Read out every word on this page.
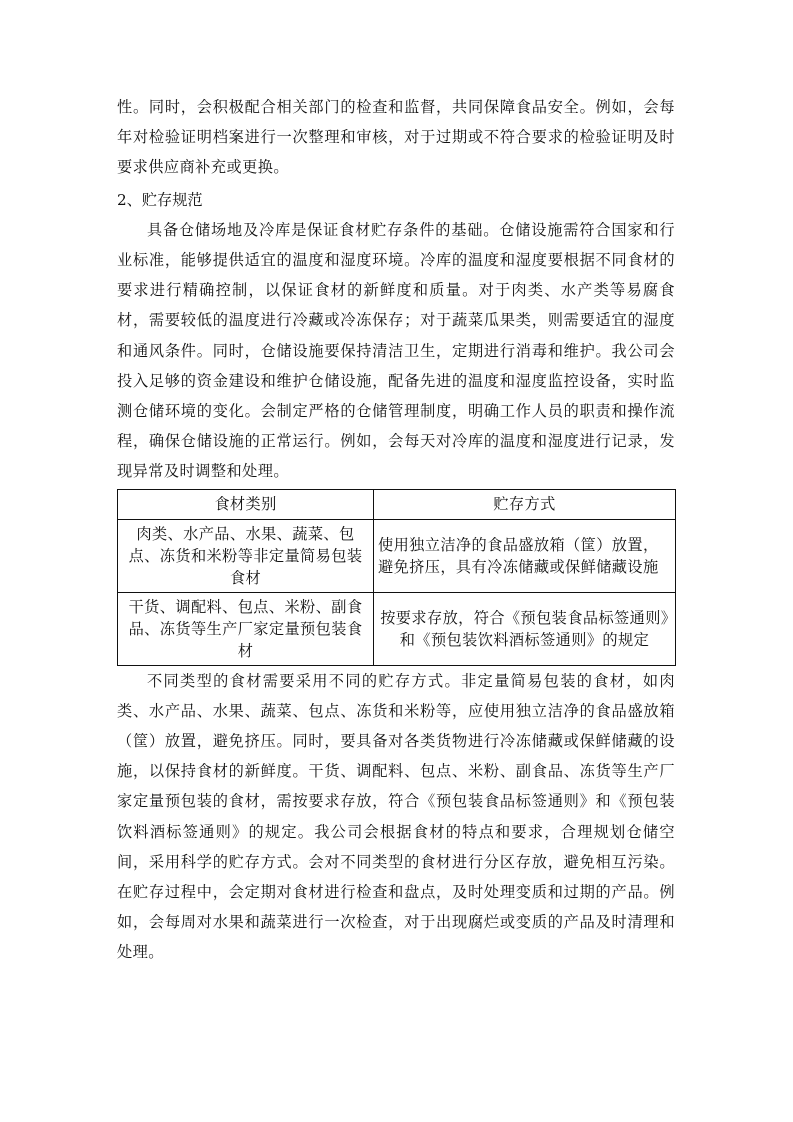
性。同时，会积极配合相关部门的检查和监督，共同保障食品安全。例如，会每年对检验证明档案进行一次整理和审核，对于过期或不符合要求的检验证明及时要求供应商补充或更换。

2、贮存规范

具备仓储场地及冷库是保证食材贮存条件的基础。仓储设施需符合国家和行业标准，能够提供适宜的温度和湿度环境。冷库的温度和湿度要根据不同食材的要求进行精确控制，以保证食材的新鲜度和质量。对于肉类、水产类等易腐食材，需要较低的温度进行冷藏或冷冻保存；对于蔬菜瓜果类，则需要适宜的湿度和通风条件。同时，仓储设施要保持清洁卫生，定期进行消毒和维护。我公司会投入足够的资金建设和维护仓储设施，配备先进的温度和湿度监控设备，实时监测仓储环境的变化。会制定严格的仓储管理制度，明确工作人员的职责和操作流程，确保仓储设施的正常运行。例如，会每天对冷库的温度和湿度进行记录，发现异常及时调整和处理。

食材类别	贮存方式
肉类、水产品、水果、蔬菜、包点、冻货和米粉等非定量简易包装食材	使用独立洁净的食品盛放箱（筐）放置，避免挤压，具有冷冻储藏或保鲜储藏设施
干货、调配料、包点、米粉、副食品、冻货等生产厂家定量预包装食材	按要求存放，符合《预包装食品标签通则》和《预包装饮料酒标签通则》的规定

不同类型的食材需要采用不同的贮存方式。非定量简易包装的食材，如肉类、水产品、水果、蔬菜、包点、冻货和米粉等，应使用独立洁净的食品盛放箱（筐）放置，避免挤压。同时，要具备对各类货物进行冷冻储藏或保鲜储藏的设施，以保持食材的新鲜度。干货、调配料、包点、米粉、副食品、冻货等生产厂家定量预包装的食材，需按要求存放，符合《预包装食品标签通则》和《预包装饮料酒标签通则》的规定。我公司会根据食材的特点和要求，合理规划仓储空间，采用科学的贮存方式。会对不同类型的食材进行分区存放，避免相互污染。在贮存过程中，会定期对食材进行检查和盘点，及时处理变质和过期的产品。例如，会每周对水果和蔬菜进行一次检查，对于出现腐烂或变质的产品及时清理和处理。
